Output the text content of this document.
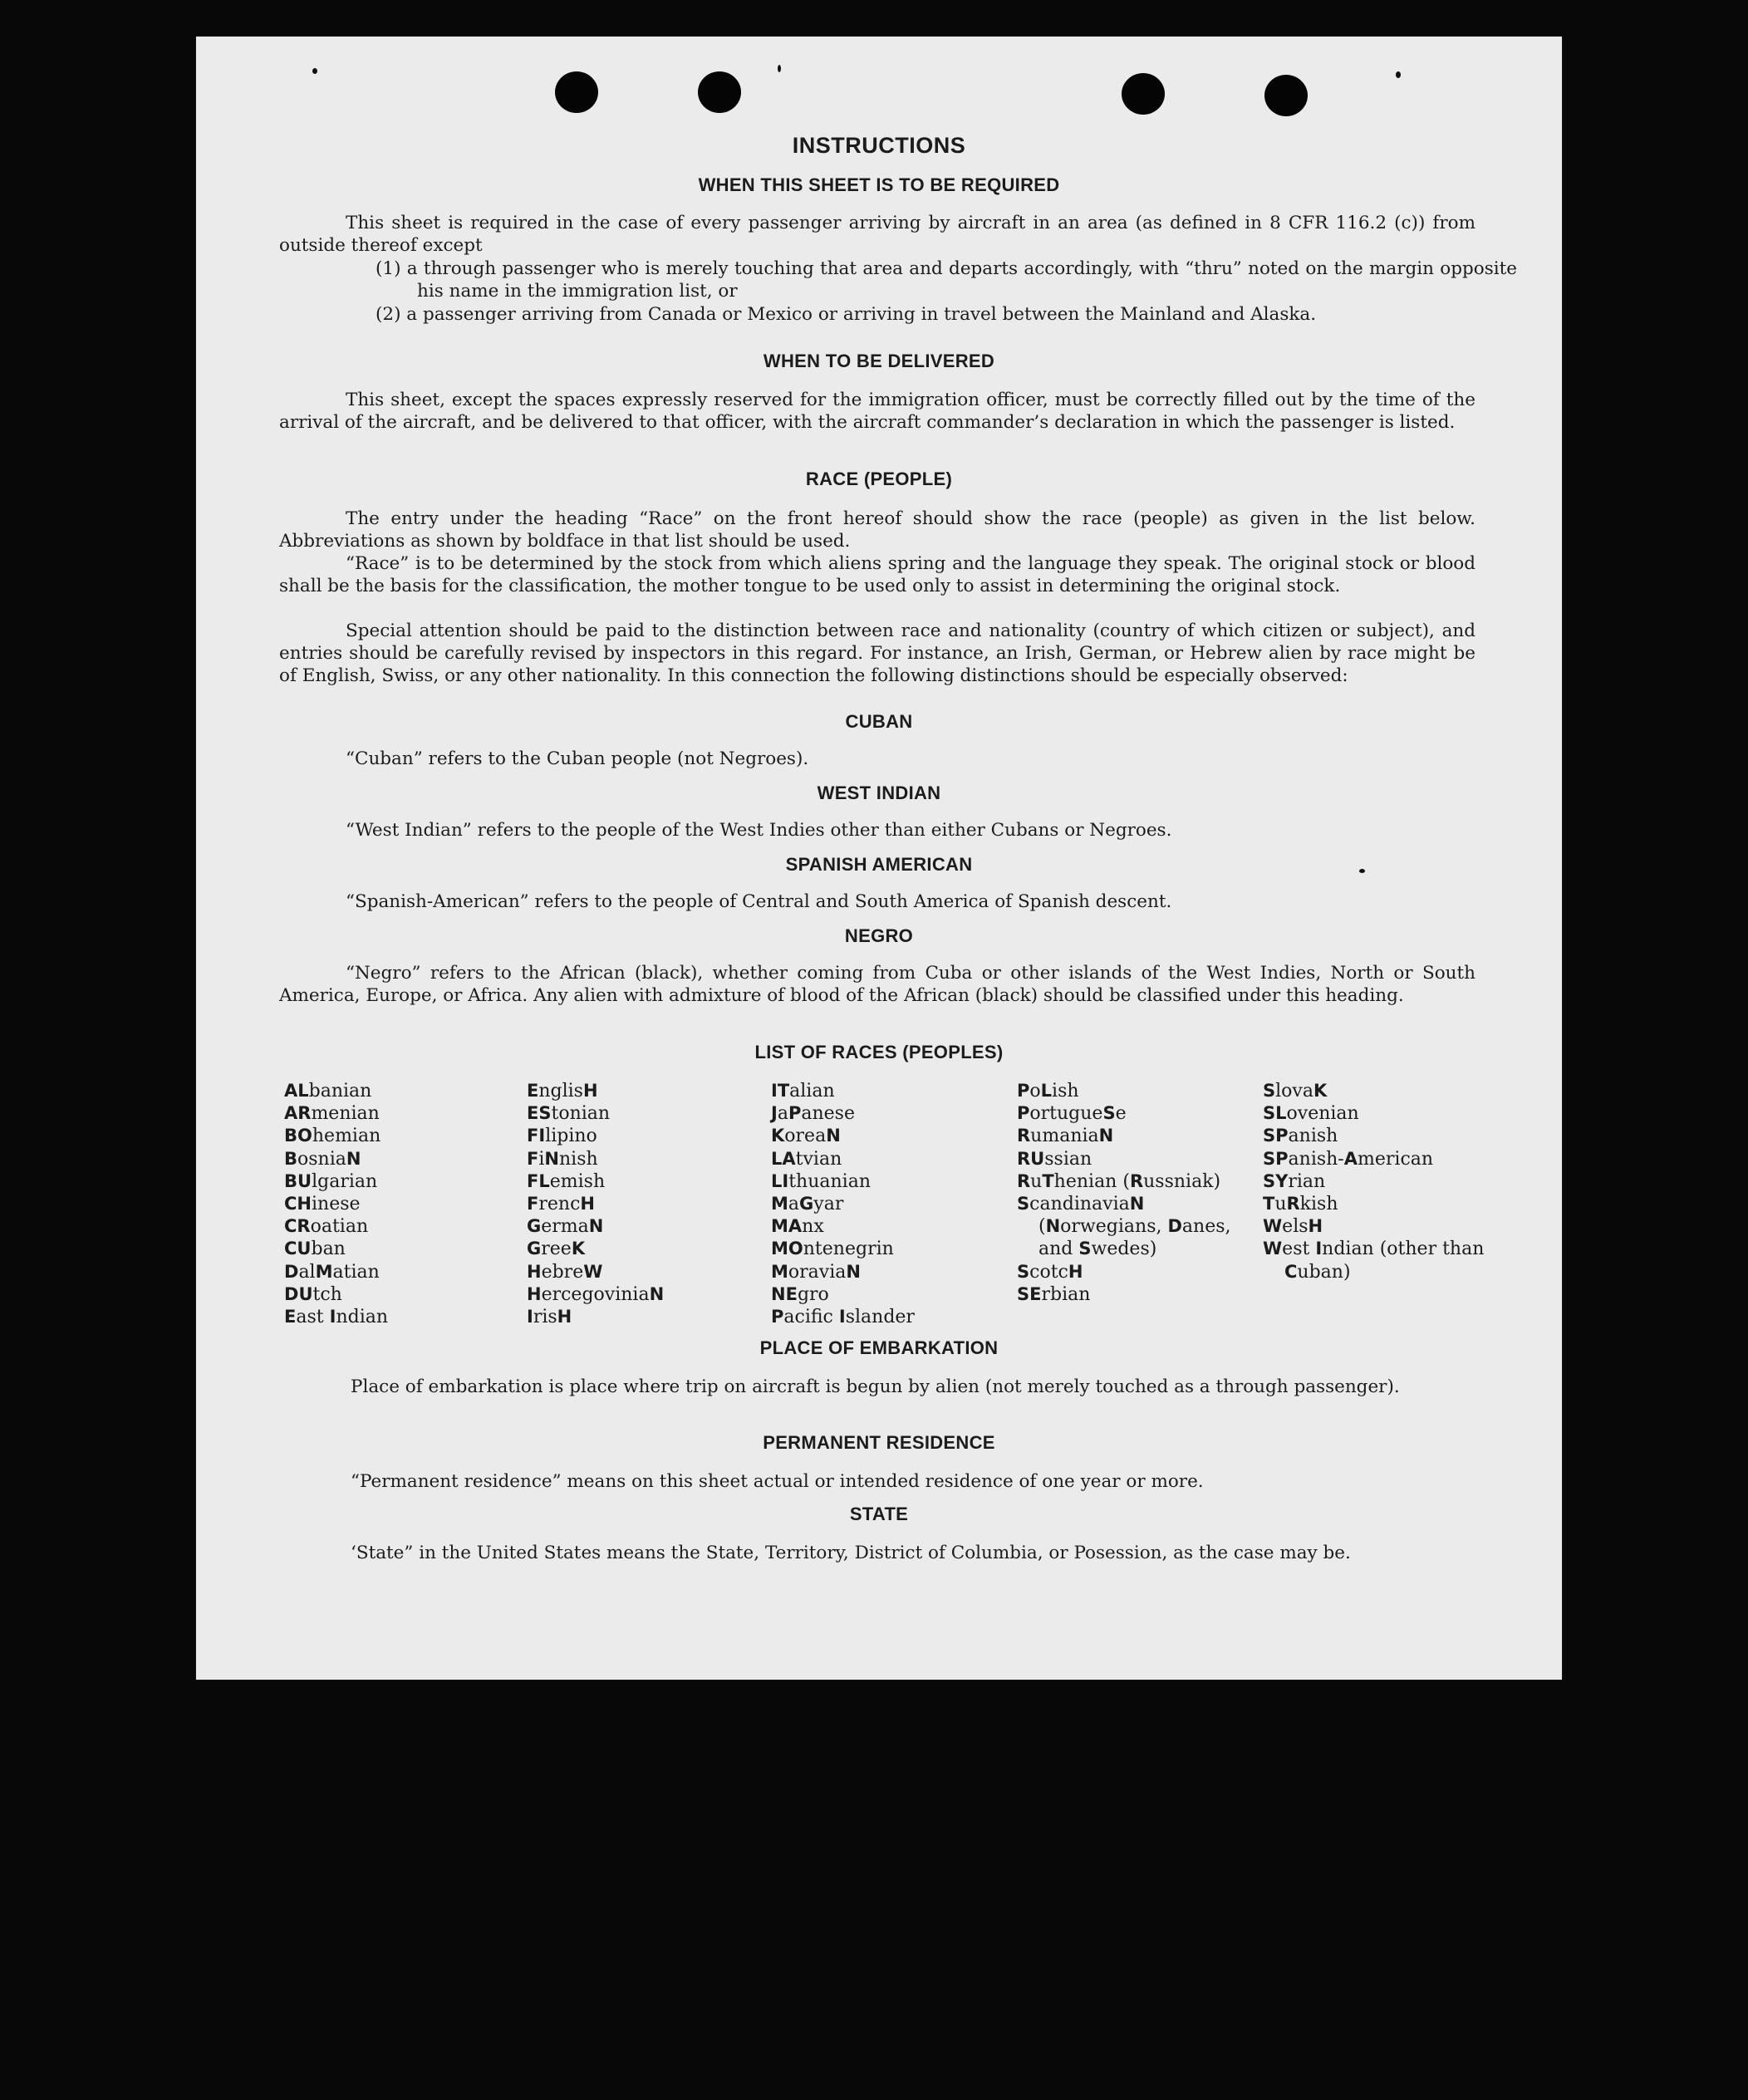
INSTRUCTIONS
WHEN THIS SHEET IS TO BE REQUIRED

This sheet is required in the case of every passenger arriving by aircraft in an area (as defined in 8 CFR 116.2 (c)) from outside thereof except

(1) a through passenger who is merely touching that area and departs accordingly, with “thru” noted on the margin opposite his name in the immigration list, or

(2) a passenger arriving from Canada or Mexico or arriving in travel between the Mainland and Alaska.

WHEN TO BE DELIVERED

This sheet, except the spaces expressly reserved for the immigration officer, must be correctly filled out by the time of the arrival of the aircraft, and be delivered to that officer, with the aircraft commander’s declaration in which the passenger is listed.

RACE (PEOPLE)

The entry under the heading “Race” on the front hereof should show the race (people) as given in the list below. Abbreviations as shown by boldface in that list should be used.

“Race” is to be determined by the stock from which aliens spring and the language they speak. The original stock or blood shall be the basis for the classification, the mother tongue to be used only to assist in determining the original stock.

Special attention should be paid to the distinction between race and nationality (country of which citizen or subject), and entries should be carefully revised by inspectors in this regard. For instance, an Irish, German, or Hebrew alien by race might be of English, Swiss, or any other nationality. In this connection the following distinctions should be especially observed:

CUBAN

“Cuban” refers to the Cuban people (not Negroes).

WEST INDIAN

“West Indian” refers to the people of the West Indies other than either Cubans or Negroes.

SPANISH AMERICAN

“Spanish-American” refers to the people of Central and South America of Spanish descent.

NEGRO

“Negro” refers to the African (black), whether coming from Cuba or other islands of the West Indies, North or South America, Europe, or Africa. Any alien with admixture of blood of the African (black) should be classified under this heading.

LIST OF RACES (PEOPLES)
ALbanian
ARmenian
BOhemian
BosniaN
BUlgarian
CHinese
CRoatian
CUban
DalMatian
DUtch
East Indian
EnglisH
EStonian
FIlipino
FiNnish
FLemish
FrencH
GermaN
GreeK
HebreW
HercegoviniaN
IrisH
ITalian
JaPanese
KoreaN
LAtvian
LIthuanian
MaGyar
MAnx
MOntenegrin
MoraviaN
NEgro
Pacific Islander
PoLish
PortugueSe
RumaniaN
RUssian
RuThenian (Russniak)
ScandinaviaN (Norwegians, Danes, and Swedes)
ScotcH
SErbian
SlovaK
SLovenian
SPanish
SPanish-American
SYrian
TuRkish
WelsH
West Indian (other than Cuban)
PLACE OF EMBARKATION

Place of embarkation is place where trip on aircraft is begun by alien (not merely touched as a through passenger).

PERMANENT RESIDENCE

“Permanent residence” means on this sheet actual or intended residence of one year or more.

STATE

‘State” in the United States means the State, Territory, District of Columbia, or Posession, as the case may be.
